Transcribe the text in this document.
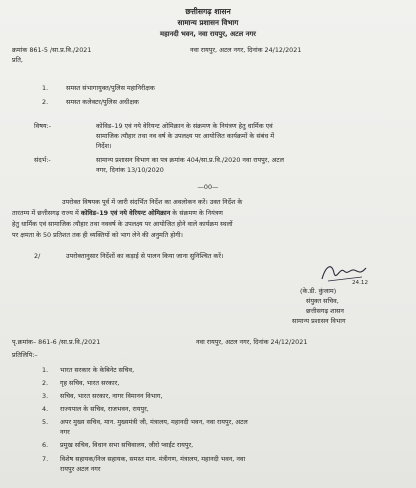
छत्तीसगढ़ शासन
सामान्य प्रशासन विभाग
महानदी भवन, नवा रायपुर, अटल नगर
क्रमांक 861-5 /सा.प्र.वि./2021	नवा रायपुर, अटल नगर, दिनांक 24/12/2021
प्रति,
1.	समस्त संभागायुक्त/पुलिस महानिरीक्षक
2.	समस्त कलेक्टर/पुलिस अधीक्षक
विषय:-	कोविड–19 एवं नये वेरियन्ट ओमिक्रान के संक्रमण के नियंत्रण हेतु धार्मिक एवं
सामाजिक त्यौहार तथा नव वर्ष के उपलक्ष्य पर आयोजित कार्यक्रमों के संबंध में
निर्देश।
संदर्भ:-	सामान्य प्रशासन विभाग का पत्र क्रमांक 404/सा.प्र.वि./2020 नवा रायपुर, अटल
नगर, दिनांक 13/10/2020
—00—
उपरोक्त विषयक पूर्व में जारी संदर्भित निर्देश का अवलोकन करें। उक्त निर्देश के
तारतम्य में छत्तीसगढ़ राज्य में कोविड–19 एवं नये वेरियन्ट ओमिक्रान के संक्रमण के नियंत्रण
हेतु धार्मिक एवं सामाजिक त्यौहार तथा नववर्ष के उपलक्ष्य पर आयोजित होने वाले कार्यक्रम स्थलों
पर क्षमता के 50 प्रतिशत तक ही व्यक्तियों को भाग लेने की अनुमति होगी।
2/	उपरोक्तानुसार निर्देशों का कड़ाई से पालन किया जाना सुनिश्चित करें।
24.12
(के.डी. कुंजाम)
संयुक्त सचिव,
छत्तीसगढ़ शासन
सामान्य प्रशासन विभाग
पृ.क्रमांक– 861-6 /सा.प्र.वि./2021	नवा रायपुर, अटल नगर, दिनांक 24/12/2021
प्रतिलिपि:–
1. भारत सरकार के केबिनेट सचिव,
2. गृह सचिव, भारत सरकार,
3. सचिव, भारत सरकार, नागर विमानन विभाग,
4. राज्यपाल के सचिव, राजभवन, रायपुर,
5. अपर मुख्य सचिव, मान. मुख्यमंत्री जी, मंत्रालय, महानदी भवन, नवा रायपुर, अटल
नगर
6. प्रमुख सचिव, विधान सभा सचिवालय, जीरो प्वाईंट रायपुर,
7. विशेष सहायक/निज सहायक, समस्त मान. मंत्रीगण, मंत्रालय, महानदी भवन, नवा
रायपुर अटल नगर
